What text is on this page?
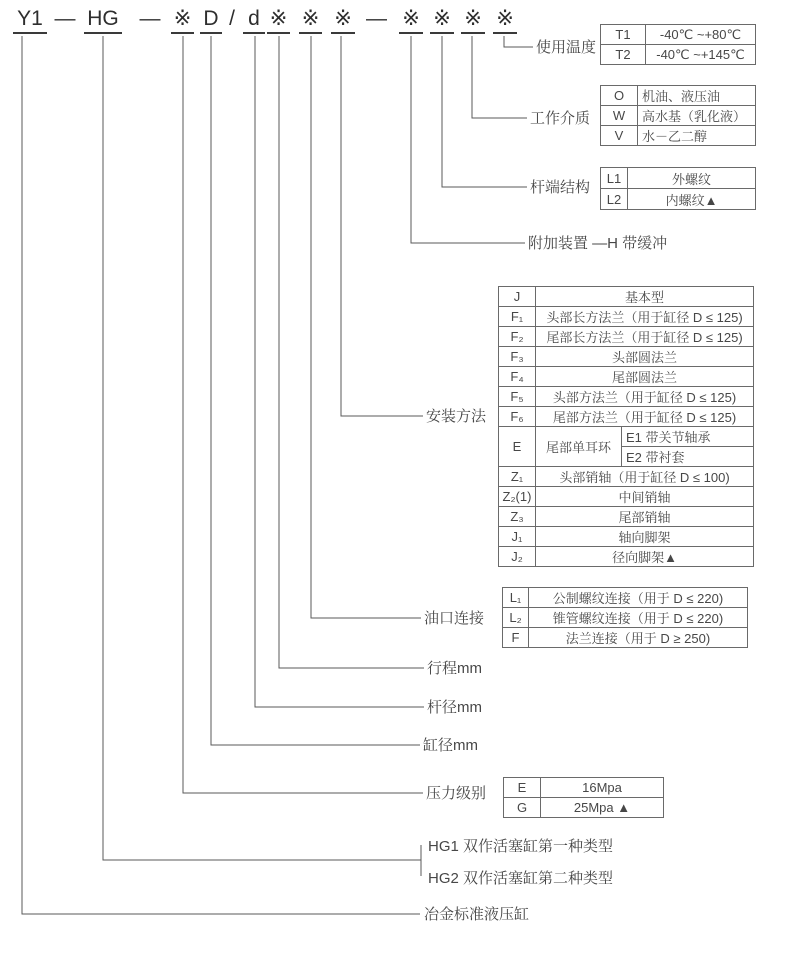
Y1 — HG — ※ D / d ※ ※ ※ — ※ ※ ※ ※
使用温度
工作介质
杆端结构
附加装置 —H 带缓冲
安装方法
油口连接
行程mm
杆径mm
缸径mm
压力级别
HG1 双作活塞缸第一种类型
HG2 双作活塞缸第二种类型
冶金标准液压缸
T1	-40℃ ~+80℃
T2	-40℃ ~+145℃
O	机油、液压油
W	高水基（乳化液）
V	水－乙二醇
L1	外螺纹
L2	内螺纹▲
J	基本型	
F₁	头部长方法兰（用于缸径 D ≤ 125)	
F₂	尾部长方法兰（用于缸径 D ≤ 125)	
F₃	头部圆法兰	
F₄	尾部圆法兰	
F₅	头部方法兰（用于缸径 D ≤ 125)	
F₆	尾部方法兰（用于缸径 D ≤ 125)	
E	尾部单耳环	E1 带关节轴承
		E2 带衬套
Z₁	头部销轴（用于缸径 D ≤ 100)	
Z₂(1)	中间销轴	
Z₃	尾部销轴	
J₁	轴向脚架	
J₂	径向脚架▲	
L₁	公制螺纹连接（用于 D ≤ 220)
L₂	锥管螺纹连接（用于 D ≤ 220)
F	法兰连接（用于 D ≥ 250)
E	16Mpa
G	25Mpa ▲
